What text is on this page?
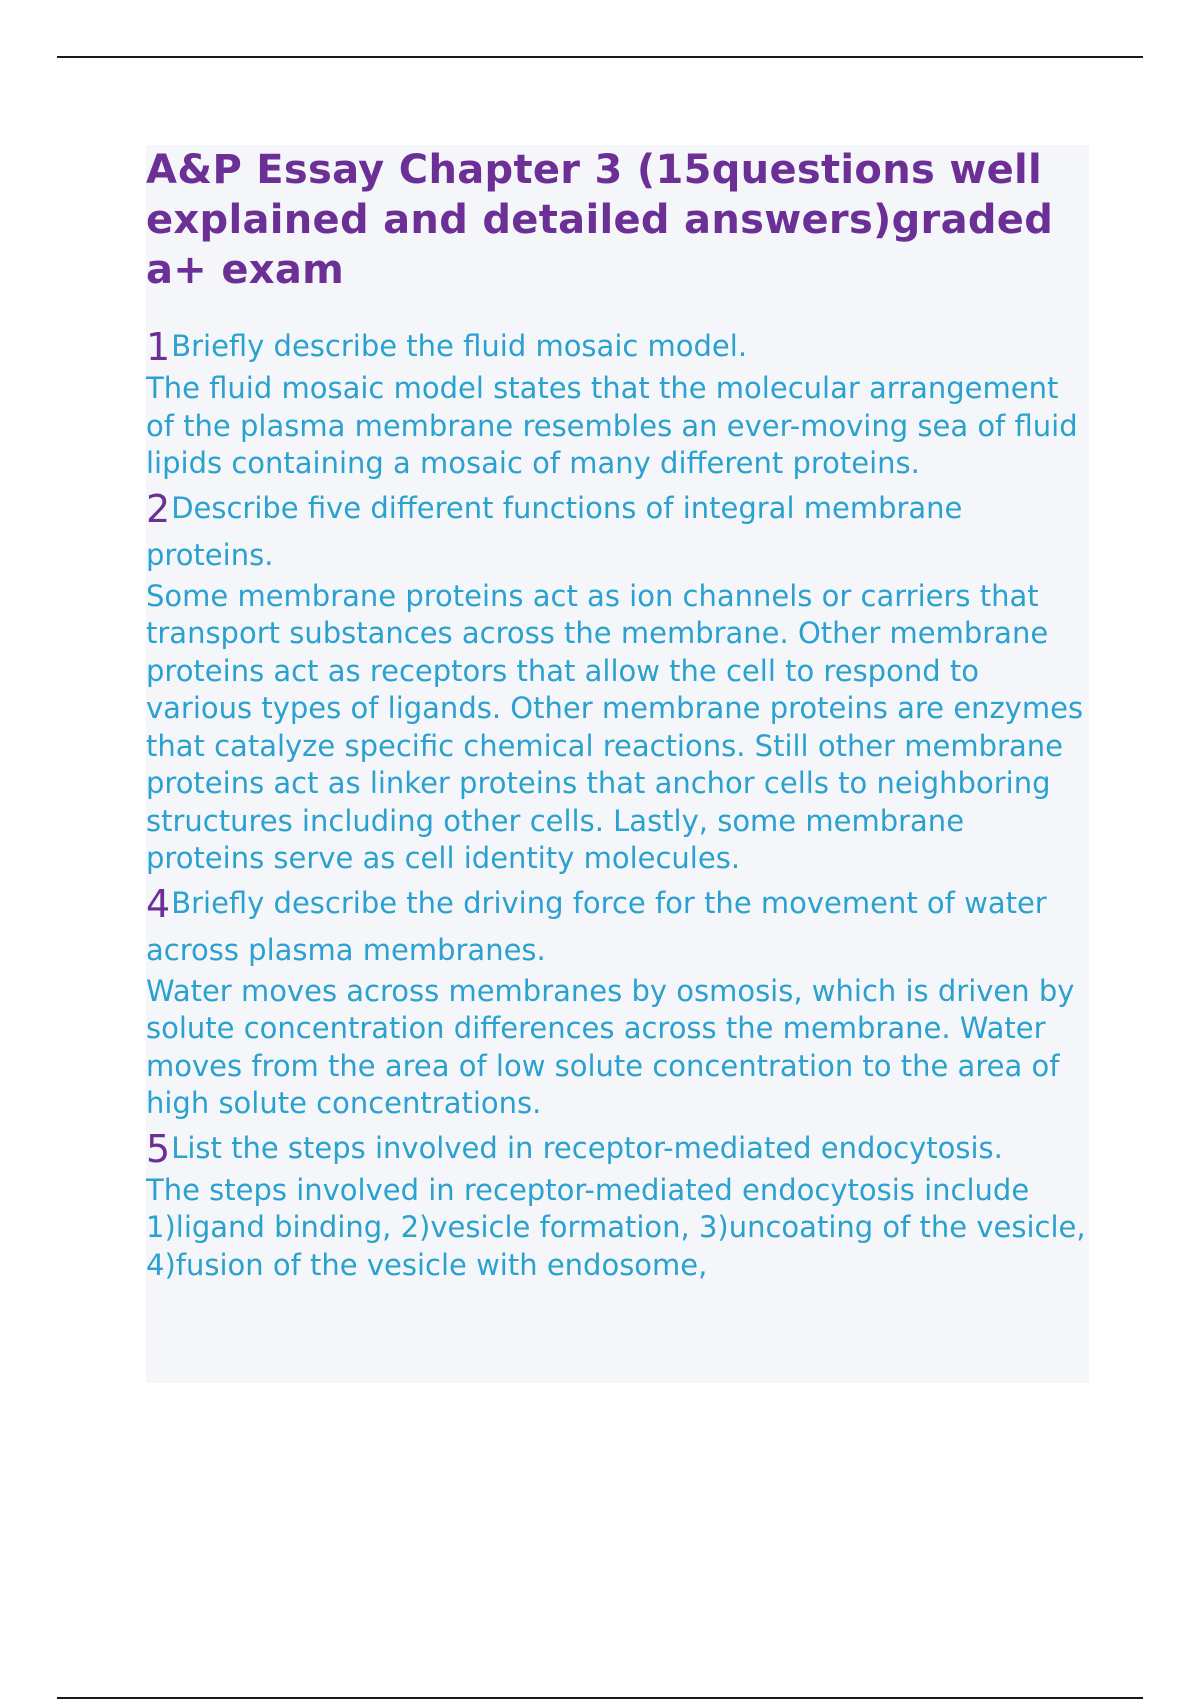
A&P Essay Chapter 3 (15questions well explained and detailed answers)graded a+ exam

1Briefly describe the fluid mosaic model.

The fluid mosaic model states that the molecular arrangement of the plasma membrane resembles an ever-moving sea of fluid lipids containing a mosaic of many different proteins.

2Describe five different functions of integral membrane proteins.

Some membrane proteins act as ion channels or carriers that transport substances across the membrane. Other membrane proteins act as receptors that allow the cell to respond to various types of ligands. Other membrane proteins are enzymes that catalyze specific chemical reactions. Still other membrane proteins act as linker proteins that anchor cells to neighboring structures including other cells. Lastly, some membrane proteins serve as cell identity molecules.

4Briefly describe the driving force for the movement of water across plasma membranes.

Water moves across membranes by osmosis, which is driven by solute concentration differences across the membrane. Water moves from the area of low solute concentration to the area of high solute concentrations.

5List the steps involved in receptor-mediated endocytosis.

The steps involved in receptor-mediated endocytosis include 1)ligand binding, 2)vesicle formation, 3)uncoating of the vesicle, 4)fusion of the vesicle with endosome,
